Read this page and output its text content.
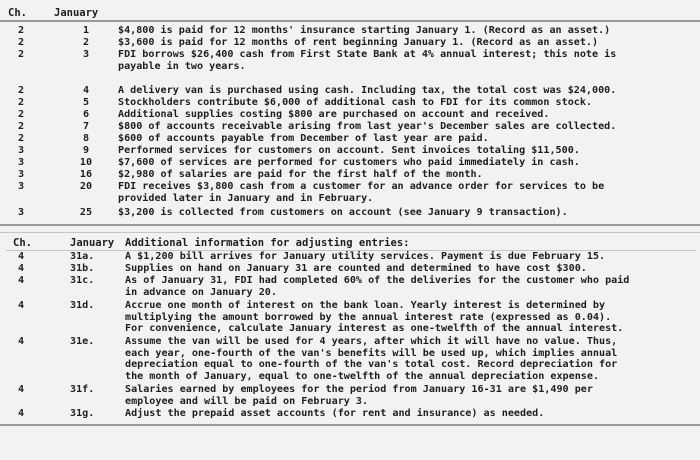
Ch.	January
2	1	$4,800 is paid for 12 months' insurance starting January 1. (Record as an asset.)
2	2	$3,600 is paid for 12 months of rent beginning January 1. (Record as an asset.)
2	3	FDI borrows $26,400 cash from First State Bank at 4% annual interest; this note is
payable in two years.
2	4	A delivery van is purchased using cash. Including tax, the total cost was $24,000.
2	5	Stockholders contribute $6,000 of additional cash to FDI for its common stock.
2	6	Additional supplies costing $800 are purchased on account and received.
2	7	$800 of accounts receivable arising from last year's December sales are collected.
2	8	$600 of accounts payable from December of last year are paid.
3	9	Performed services for customers on account. Sent invoices totaling $11,500.
3	10	$7,600 of services are performed for customers who paid immediately in cash.
3	16	$2,980 of salaries are paid for the first half of the month.
3	20	FDI receives $3,800 cash from a customer for an advance order for services to be
provided later in January and in February.
3	25	$3,200 is collected from customers on account (see January 9 transaction).
Ch.	January Additional information for adjusting entries:
4	31a.	A $1,200 bill arrives for January utility services. Payment is due February 15.
4	31b.	Supplies on hand on January 31 are counted and determined to have cost $300.
4	31c.	As of January 31, FDI had completed 60% of the deliveries for the customer who paid
in advance on January 20.
4	31d.	Accrue one month of interest on the bank loan. Yearly interest is determined by
multiplying the amount borrowed by the annual interest rate (expressed as 0.04).
For convenience, calculate January interest as one-twelfth of the annual interest.
4	31e.	Assume the van will be used for 4 years, after which it will have no value. Thus,
each year, one-fourth of the van's benefits will be used up, which implies annual
depreciation equal to one-fourth of the van's total cost. Record depreciation for
the month of January, equal to one-twelfth of the annual depreciation expense.
4	31f.	Salaries earned by employees for the period from January 16-31 are $1,490 per
employee and will be paid on February 3.
4	31g.	Adjust the prepaid asset accounts (for rent and insurance) as needed.
